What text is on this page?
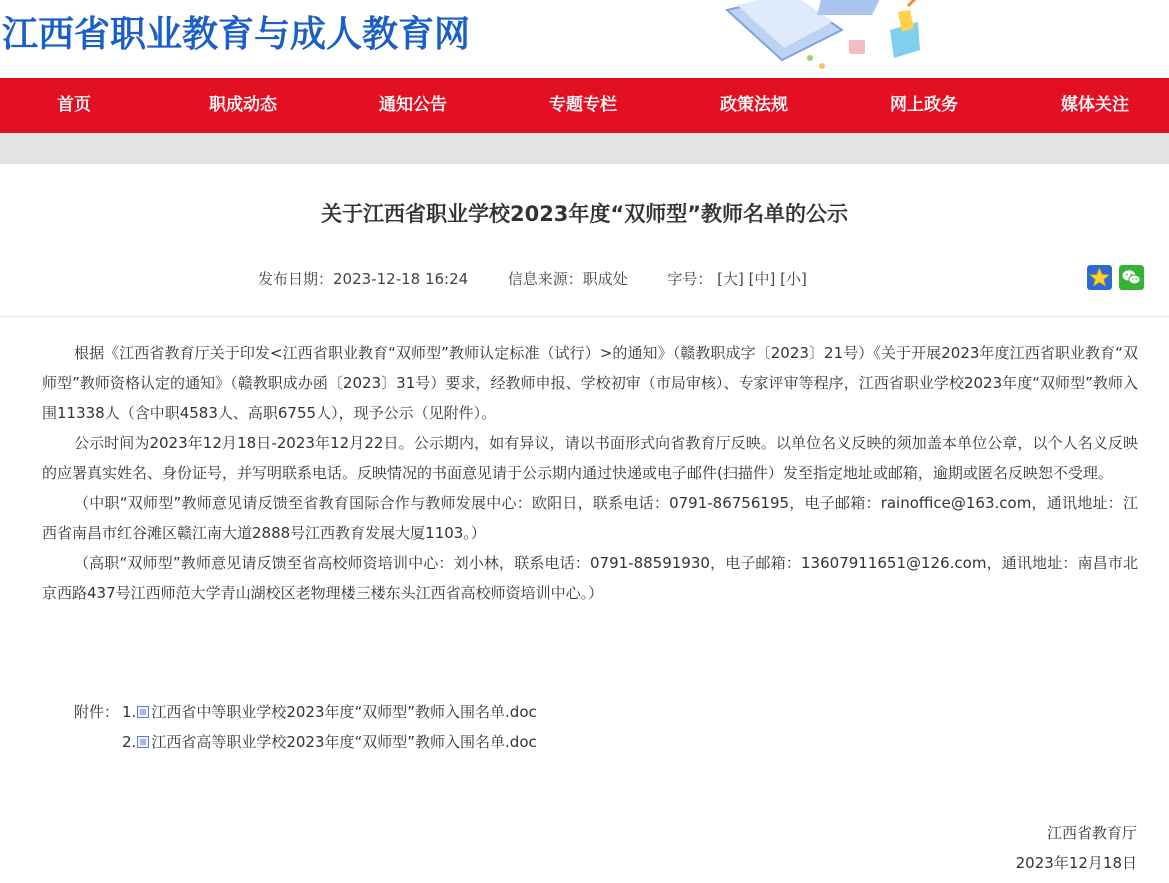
江西省职业教育与成人教育网
首页	职成动态	通知公告	专题专栏	政策法规	网上政务	媒体关注
关于江西省职业学校2023年度“双师型”教师名单的公示
发布日期：2023-12-18 16:24	信息来源：职成处	字号： [大] [中] [小]

根据《江西省教育厅关于印发<江西省职业教育“双师型”教师认定标准（试行）>的通知》（赣教职成字〔2023〕21号）《关于开展2023年度江西省职业教育“双师型”教师资格认定的通知》（赣教职成办函〔2023〕31号）要求，经教师申报、学校初审（市局审核）、专家评审等程序，江西省职业学校2023年度“双师型”教师入围11338人（含中职4583人、高职6755人），现予公示（见附件）。

公示时间为2023年12月18日-2023年12月22日。公示期内，如有异议，请以书面形式向省教育厅反映。以单位名义反映的须加盖本单位公章，以个人名义反映的应署真实姓名、身份证号，并写明联系电话。反映情况的书面意见请于公示期内通过快递或电子邮件(扫描件）发至指定地址或邮箱，逾期或匿名反映恕不受理。

（中职“双师型”教师意见请反馈至省教育国际合作与教师发展中心：欧阳日，联系电话：0791-86756195，电子邮箱：rainoffice@163.com，通讯地址：江西省南昌市红谷滩区赣江南大道2888号江西教育发展大厦1103。）

（高职“双师型”教师意见请反馈至省高校师资培训中心：刘小林，联系电话：0791-88591930，电子邮箱：13607911651@126.com，通讯地址：南昌市北京西路437号江西师范大学青山湖校区老物理楼三楼东头江西省高校师资培训中心。）

附件： 1. 江西省中等职业学校2023年度“双师型”教师入围名单.doc
2. 江西省高等职业学校2023年度“双师型”教师入围名单.doc
江西省教育厅
2023年12月18日
